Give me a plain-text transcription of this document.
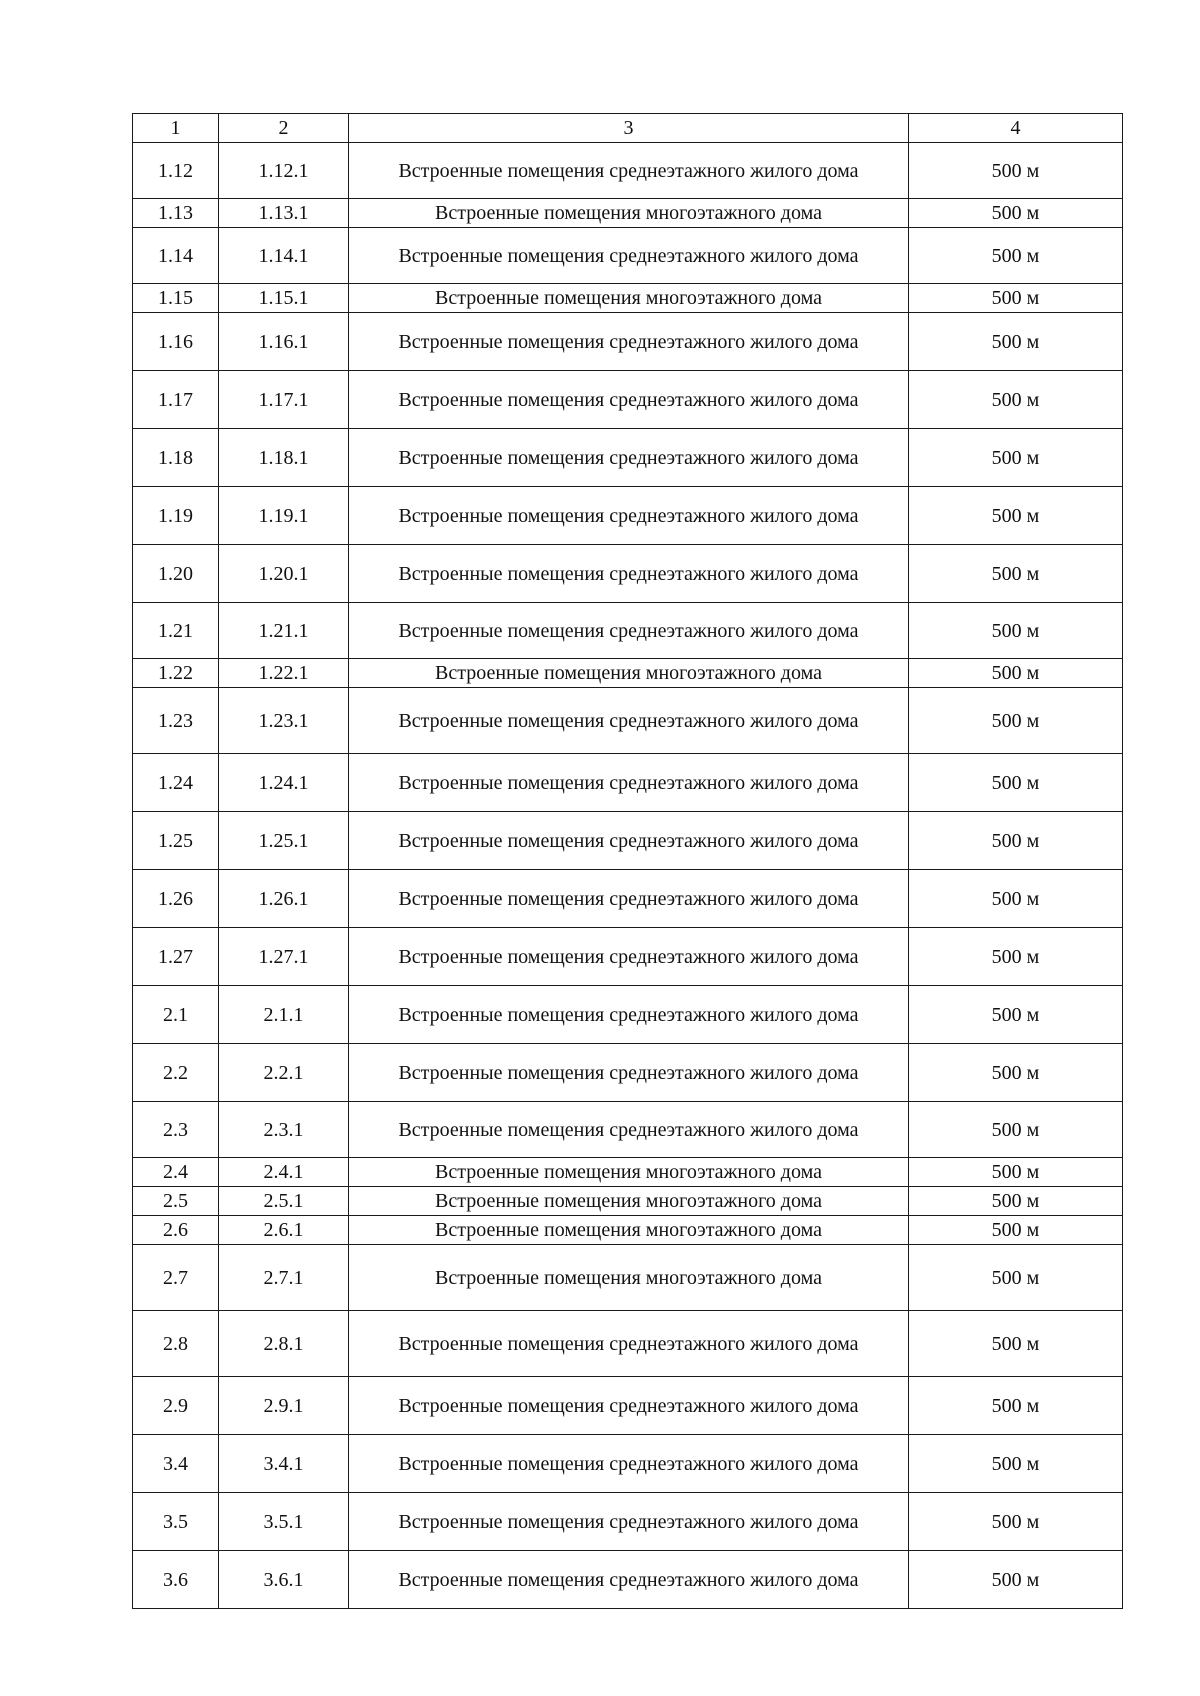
1	2	3	4
1.12	1.12.1	Встроенные помещения среднеэтажного жилого дома	500 м
1.13	1.13.1	Встроенные помещения многоэтажного дома	500 м
1.14	1.14.1	Встроенные помещения среднеэтажного жилого дома	500 м
1.15	1.15.1	Встроенные помещения многоэтажного дома	500 м
1.16	1.16.1	Встроенные помещения среднеэтажного жилого дома	500 м
1.17	1.17.1	Встроенные помещения среднеэтажного жилого дома	500 м
1.18	1.18.1	Встроенные помещения среднеэтажного жилого дома	500 м
1.19	1.19.1	Встроенные помещения среднеэтажного жилого дома	500 м
1.20	1.20.1	Встроенные помещения среднеэтажного жилого дома	500 м
1.21	1.21.1	Встроенные помещения среднеэтажного жилого дома	500 м
1.22	1.22.1	Встроенные помещения многоэтажного дома	500 м
1.23	1.23.1	Встроенные помещения среднеэтажного жилого дома	500 м
1.24	1.24.1	Встроенные помещения среднеэтажного жилого дома	500 м
1.25	1.25.1	Встроенные помещения среднеэтажного жилого дома	500 м
1.26	1.26.1	Встроенные помещения среднеэтажного жилого дома	500 м
1.27	1.27.1	Встроенные помещения среднеэтажного жилого дома	500 м
2.1	2.1.1	Встроенные помещения среднеэтажного жилого дома	500 м
2.2	2.2.1	Встроенные помещения среднеэтажного жилого дома	500 м
2.3	2.3.1	Встроенные помещения среднеэтажного жилого дома	500 м
2.4	2.4.1	Встроенные помещения многоэтажного дома	500 м
2.5	2.5.1	Встроенные помещения многоэтажного дома	500 м
2.6	2.6.1	Встроенные помещения многоэтажного дома	500 м
2.7	2.7.1	Встроенные помещения многоэтажного дома	500 м
2.8	2.8.1	Встроенные помещения среднеэтажного жилого дома	500 м
2.9	2.9.1	Встроенные помещения среднеэтажного жилого дома	500 м
3.4	3.4.1	Встроенные помещения среднеэтажного жилого дома	500 м
3.5	3.5.1	Встроенные помещения среднеэтажного жилого дома	500 м
3.6	3.6.1	Встроенные помещения среднеэтажного жилого дома	500 м
